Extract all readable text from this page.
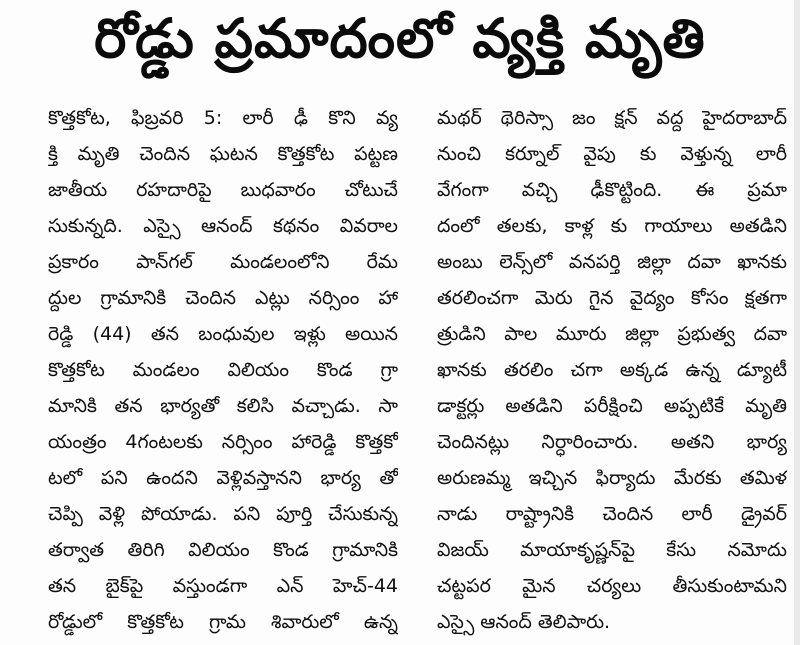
రోడ్డు ప్రమాదంలో వ్యక్తి మృతి
కొత్తకోట, ఫిబ్రవరి 5: లారీ ఢీ కొని వ్య
క్తి మృతి చెందిన ఘటన కొత్తకోట పట్టణ
జాతీయ రహదారిపై బుధవారం చోటుచే
సుకున్నది. ఎస్సై ఆనంద్ కథనం వివరాల
ప్రకారం పాన్‌గల్ మండలంలోని రేమ
ద్దుల గ్రామానికి చెందిన ఎట్లు నర్సింం హా
రెడ్డి (44) తన బంధువుల ఇళ్లు అయిన
కొత్తకోట మండలం విలియం కొండ గ్రా
మానికి తన భార్యతో కలిసి వచ్చాడు. సా
యంత్రం 4గంటలకు నర్సింం హారెడ్డి కొత్తకో
టలో పని ఉందని వెళ్లివస్తానని భార్య తో
చెప్పి వెళ్లి పోయాడు. పని పూర్తి చేసుకున్న
తర్వాత తిరిగి విలియం కొండ గ్రామానికి
తన బైక్‌పై వస్తుండగా ఎన్ హెచ్-44
రోడ్డులో కొత్తకోట గ్రామ శివారులో ఉన్న
మథర్ థెరిస్సా జం క్షన్ వద్ద హైదరాబాద్
నుంచి కర్నూల్ వైపు కు వెళ్తున్న లారీ
వేగంగా వచ్చి ఢీకొట్టింది. ఈ ప్రమా
దంలో తలకు, కాళ్ల కు గాయాలు అతడిని
అంబు లెన్స్‌లో వనపర్తి జిల్లా దవా ఖానకు
తరలించగా మెరు గైన వైద్యం కోసం క్షతగా
త్రుడిని పాల మూరు జిల్లా ప్రభుత్వ దవా
ఖానకు తరలిం చగా అక్కడ ఉన్న డ్యూటీ
డాక్టర్లు అతడిని పరీక్షించి అప్పటికే మృతి
చెందినట్లు నిర్ధారించారు. అతని భార్య
అరుణమ్మ ఇచ్చిన ఫిర్యాదు మేరకు తమిళ
నాడు రాష్ట్రానికి చెందిన లారీ డ్రైవర్
విజయ్ మాయాకృష్ణన్‌పై కేసు నమోదు
చట్టపర మైన చర్యలు తీసుకుంటామని
ఎస్సై ఆనంద్ తెలిపారు.
